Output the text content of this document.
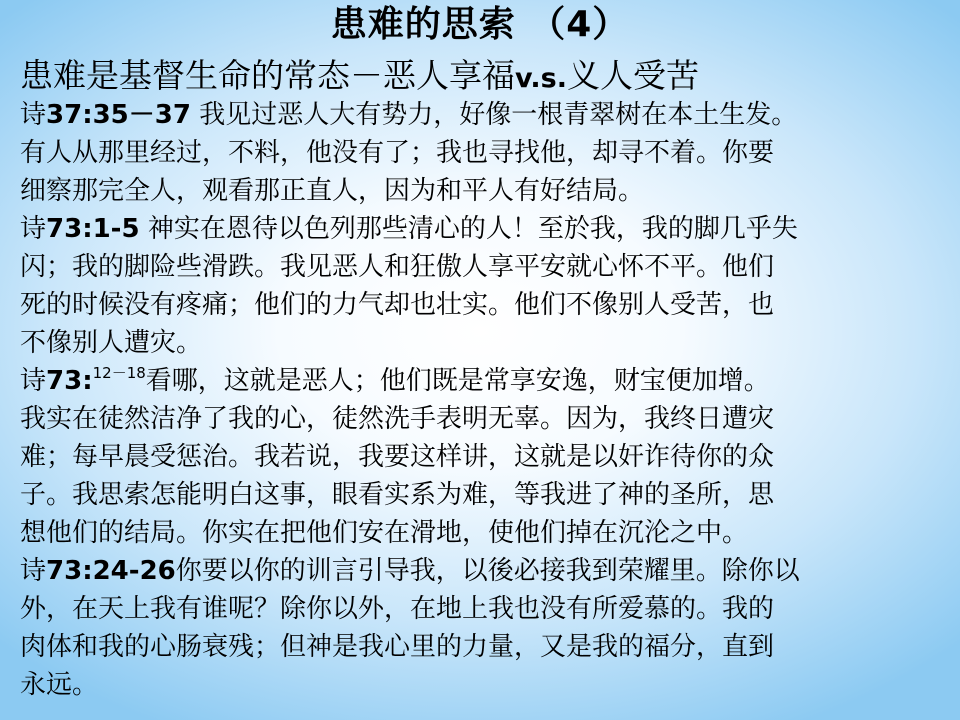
患难的思索 （4）
患难是基督生命的常态－恶人享福v.s.义人受苦
诗37:35－37 我见过恶人大有势力，好像一根青翠树在本土生发。
有人从那里经过，不料，他没有了；我也寻找他，却寻不着。你要
细察那完全人，观看那正直人，因为和平人有好结局。
诗73:1-5 神实在恩待以色列那些清心的人！至於我，我的脚几乎失
闪；我的脚险些滑跌。我见恶人和狂傲人享平安就心怀不平。他们
死的时候没有疼痛；他们的力气却也壮实。他们不像别人受苦，也
不像别人遭灾。
诗73:$^{12-18}$看哪，这就是恶人；他们既是常享安逸，财宝便加增。
我实在徒然洁净了我的心，徒然洗手表明无辜。因为，我终日遭灾
难；每早晨受惩治。我若说，我要这样讲，这就是以奸诈待你的众
子。我思索怎能明白这事，眼看实系为难，等我进了神的圣所，思
想他们的结局。你实在把他们安在滑地，使他们掉在沉沦之中。
诗73:24-26你要以你的训言引导我，以後必接我到荣耀里。除你以
外，在天上我有谁呢？除你以外，在地上我也没有所爱慕的。我的
肉体和我的心肠衰残；但神是我心里的力量，又是我的福分，直到
永远。
